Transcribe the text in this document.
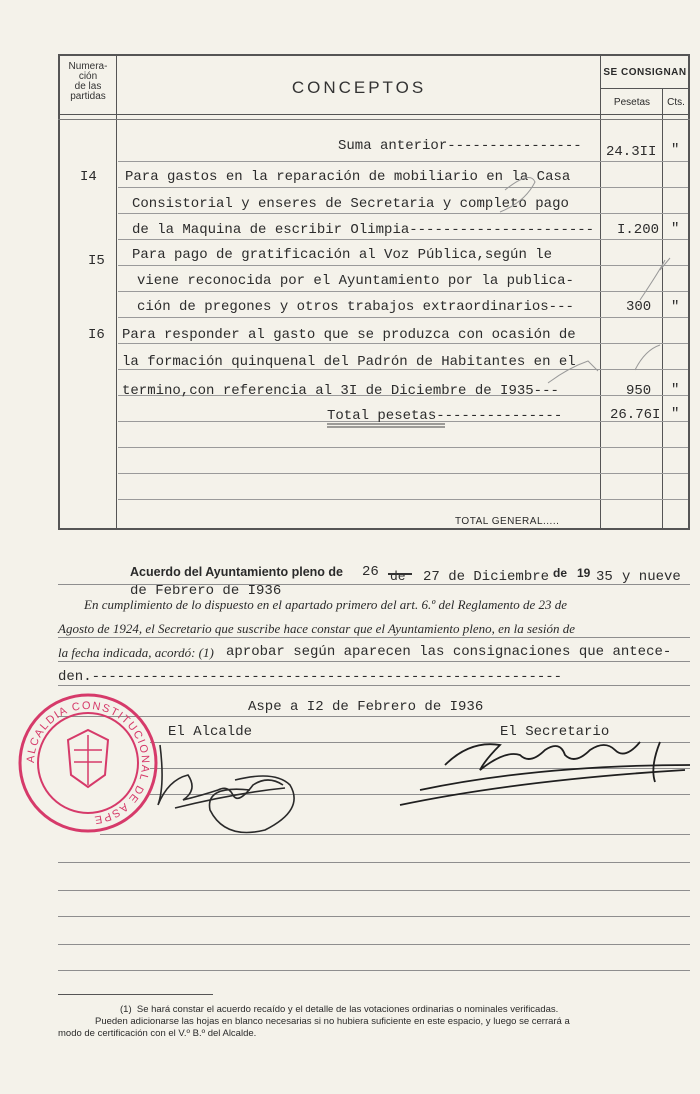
Numera-
ción
de las
partidas	CONCEPTOS
SE CONSIGNAN
Pesetas	Cts.
Suma anterior---------------- 24.3II "
I4 Para gastos en la reparación de mobiliario en la Casa
Consistorial y enseres de Secretaria y completo pago
de la Maquina de escribir Olimpia---------------------- I.200 "
I5 Para pago de gratificación al Voz Pública,según le
viene reconocida por el Ayuntamiento por la publica-
ción de pregones y otros trabajos extraordinarios---	300 "
I6 Para responder al gasto que se produzca con ocasión de
la formación quinquenal del Padrón de Habitantes en el
termino,con referencia al 3I de Diciembre de I935---	950 "
Total pesetas---------------	26.76I "
TOTAL GENERAL.....
Acuerdo del Ayuntamiento pleno de 26 de 27 de Diciembre de 19 35 y nueve
de Febrero de I936
En cumplimiento de lo dispuesto en el apartado primero del art. 6.º del Reglamento de 23 de
Agosto de 1924, el Secretario que suscribe hace constar que el Ayuntamiento pleno, en la sesión de
la fecha indicada, acordó: (1) aprobar según aparecen las consignaciones que antece-
den.--------------------------------------------------------
Aspe a I2 de Febrero de I936
El Alcalde	El Secretario
(1)  Se hará constar el acuerdo recaído y el detalle de las votaciones ordinarias o nominales verificadas.
Pueden adicionarse las hojas en blanco necesarias si no hubiera suficiente en este espacio, y luego se cerrará a
modo de certificación con el V.º B.º del Alcalde.
ALCALDIA CONSTITUCIONAL DE ASPE
